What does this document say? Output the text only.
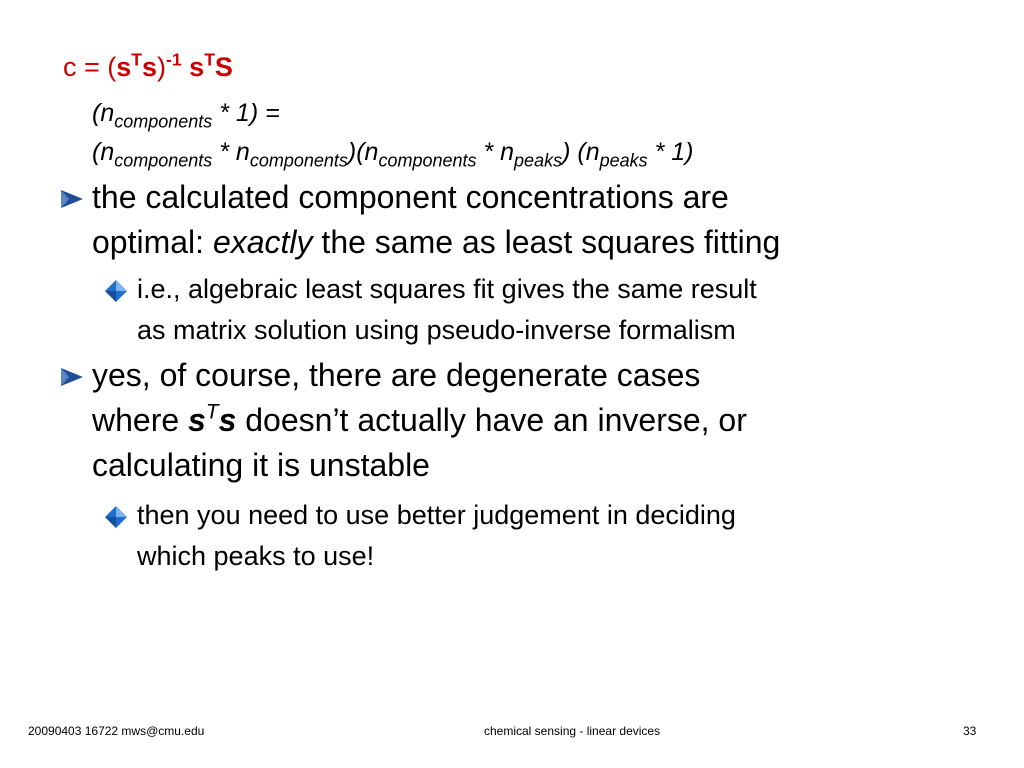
$c = (s^Ts)^{-1}$ $s^TS$
$(n_{components} * 1)$ =
$(n_{components} * n_{components})(n_{components} * n_{peaks})$ $(n_{peaks} * 1)$
the calculated component concentrations are
optimal: exactly the same as least squares fitting
i.e., algebraic least squares fit gives the same result
as matrix solution using pseudo-inverse formalism
yes, of course, there are degenerate cases
where $s^Ts$ doesn’t actually have an inverse, or
calculating it is unstable
then you need to use better judgement in deciding
which peaks to use!
20090403 16722 mws@cmu.edu	chemical sensing - linear devices	33
